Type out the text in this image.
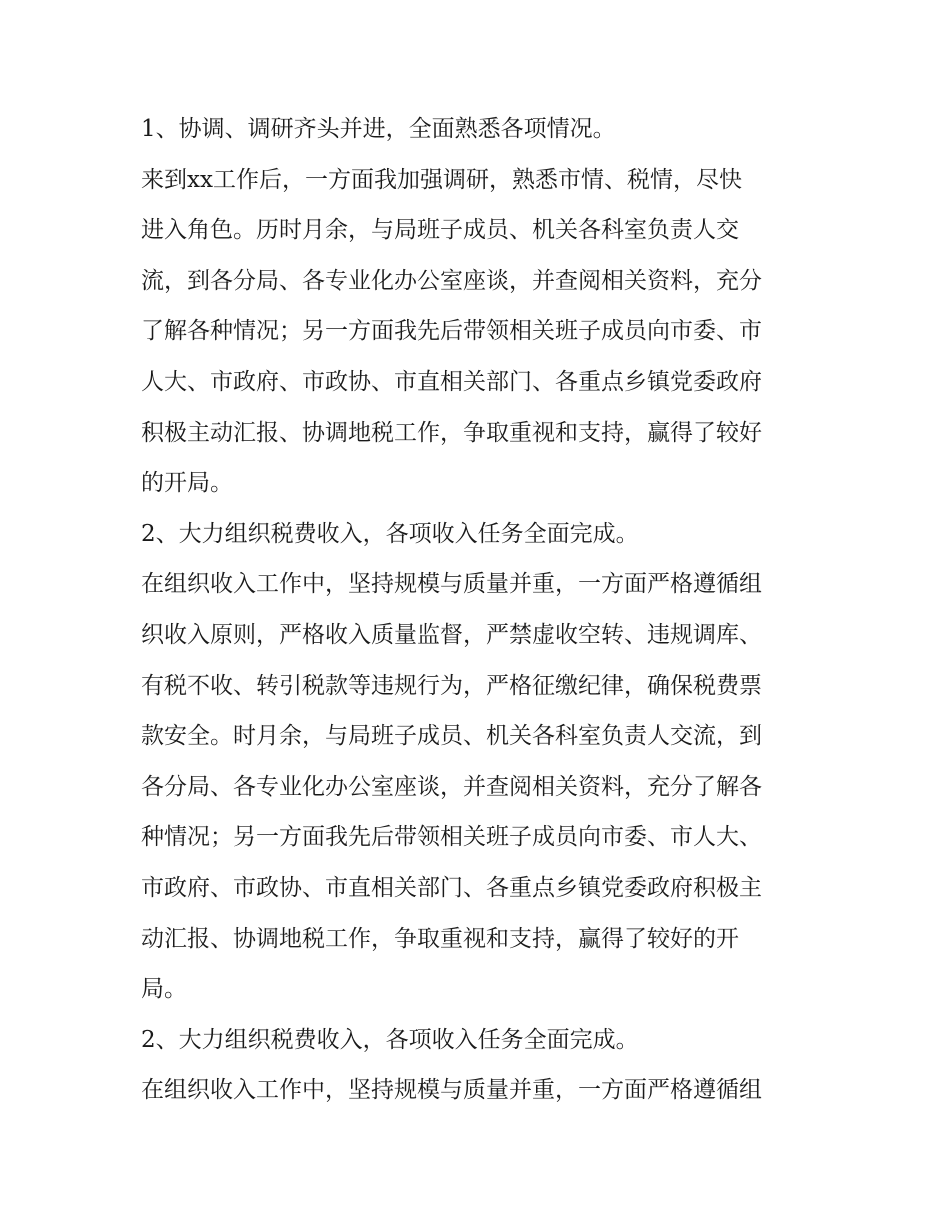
1、协调、调研齐头并进，全面熟悉各项情况。
来到xx工作后，一方面我加强调研，熟悉市情、税情，尽快
进入角色。历时月余，与局班子成员、机关各科室负责人交
流，到各分局、各专业化办公室座谈，并查阅相关资料，充分
了解各种情况；另一方面我先后带领相关班子成员向市委、市
人大、市政府、市政协、市直相关部门、各重点乡镇党委政府
积极主动汇报、协调地税工作，争取重视和支持，赢得了较好
的开局。
2、大力组织税费收入，各项收入任务全面完成。
在组织收入工作中，坚持规模与质量并重，一方面严格遵循组
织收入原则，严格收入质量监督，严禁虚收空转、违规调库、
有税不收、转引税款等违规行为，严格征缴纪律，确保税费票
款安全。时月余，与局班子成员、机关各科室负责人交流，到
各分局、各专业化办公室座谈，并查阅相关资料，充分了解各
种情况；另一方面我先后带领相关班子成员向市委、市人大、
市政府、市政协、市直相关部门、各重点乡镇党委政府积极主
动汇报、协调地税工作，争取重视和支持，赢得了较好的开
局。
2、大力组织税费收入，各项收入任务全面完成。
在组织收入工作中，坚持规模与质量并重，一方面严格遵循组
